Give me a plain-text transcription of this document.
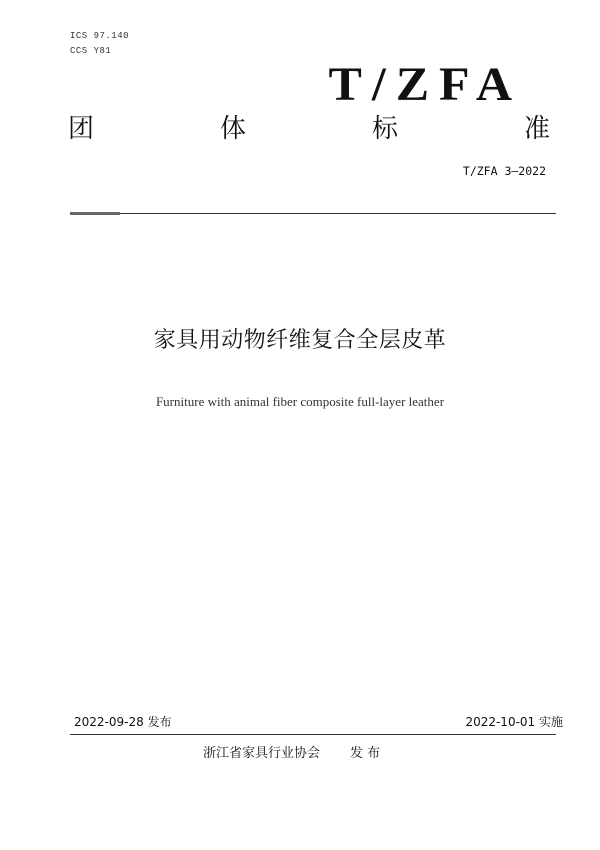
ICS 97.140
CCS Y81
T/ZFA
团	体	标	准
T/ZFA 3—2022
家具用动物纤维复合全层皮革
Furniture with animal fiber composite full-layer leather
2022-09-28 发布	2022-10-01 实施
浙江省家具行业协会 发 布
